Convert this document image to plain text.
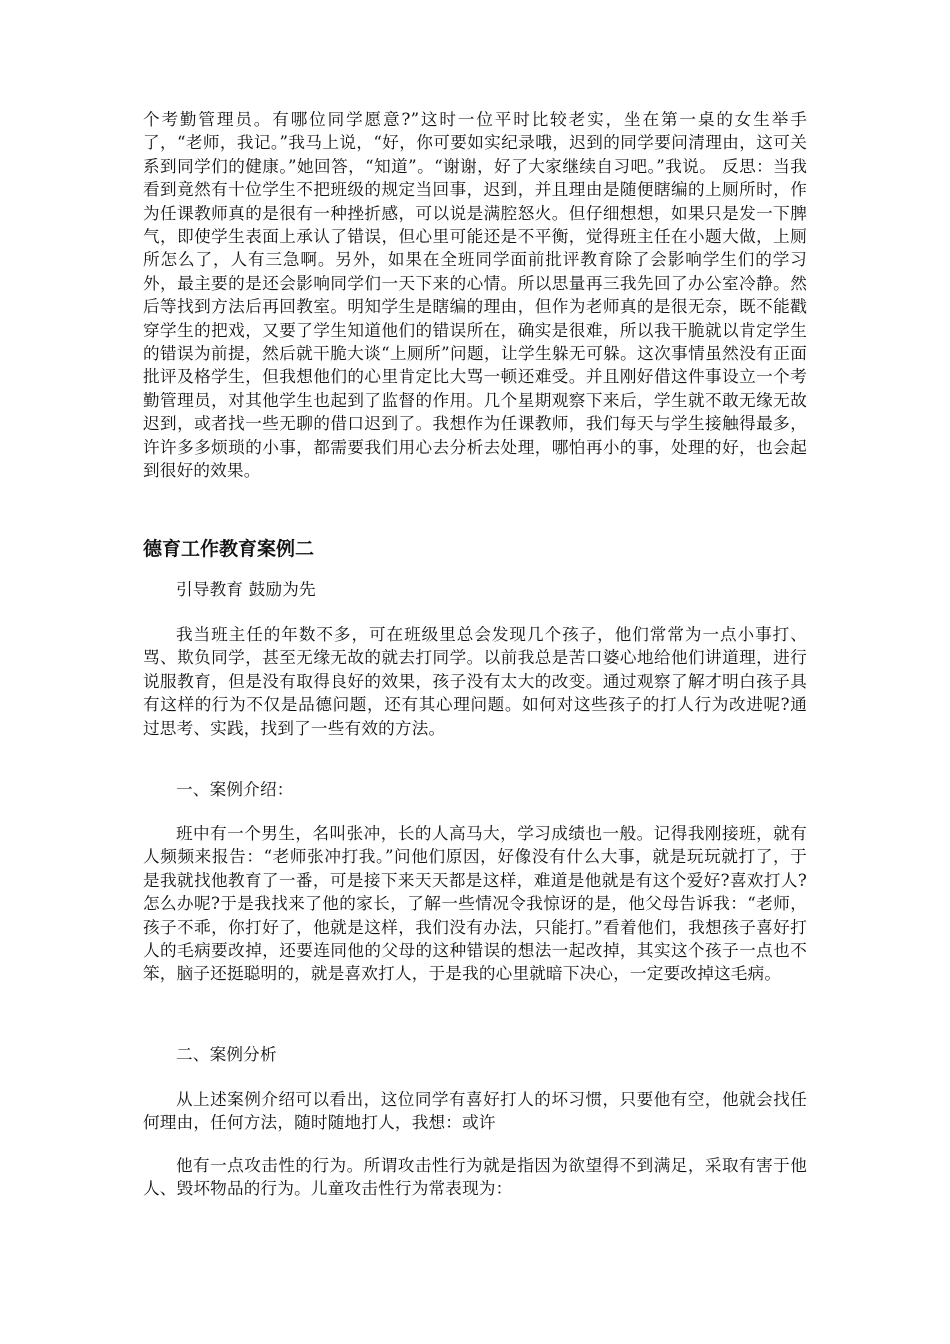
个考勤管理员。有哪位同学愿意?”这时一位平时比较老实，坐在第一桌的女生举手了，“老师，我记。”我马上说，“好，你可要如实纪录哦，迟到的同学要问清理由，这可关系到同学们的健康。”她回答，“知道”。“谢谢，好了大家继续自习吧。”我说。 反思：当我看到竟然有十位学生不把班级的规定当回事，迟到，并且理由是随便瞎编的上厕所时，作为任课教师真的是很有一种挫折感，可以说是满腔怒火。但仔细想想，如果只是发一下脾气，即使学生表面上承认了错误，但心里可能还是不平衡，觉得班主任在小题大做，上厕所怎么了，人有三急啊。另外，如果在全班同学面前批评教育除了会影响学生们的学习外，最主要的是还会影响同学们一天下来的心情。所以思量再三我先回了办公室冷静。然后等找到方法后再回教室。明知学生是瞎编的理由，但作为老师真的是很无奈，既不能戳穿学生的把戏，又要了学生知道他们的错误所在，确实是很难，所以我干脆就以肯定学生的错误为前提，然后就干脆大谈“上厕所”问题，让学生躲无可躲。这次事情虽然没有正面批评及格学生，但我想他们的心里肯定比大骂一顿还难受。并且刚好借这件事设立一个考勤管理员，对其他学生也起到了监督的作用。几个星期观察下来后，学生就不敢无缘无故迟到，或者找一些无聊的借口迟到了。我想作为任课教师，我们每天与学生接触得最多，许许多多烦琐的小事，都需要我们用心去分析去处理，哪怕再小的事，处理的好，也会起到很好的效果。

德育工作教育案例二

引导教育 鼓励为先

我当班主任的年数不多，可在班级里总会发现几个孩子，他们常常为一点小事打、骂、欺负同学，甚至无缘无故的就去打同学。以前我总是苦口婆心地给他们讲道理，进行说服教育，但是没有取得良好的效果，孩子没有太大的改变。通过观察了解才明白孩子具有这样的行为不仅是品德问题，还有其心理问题。如何对这些孩子的打人行为改进呢?通过思考、实践，找到了一些有效的方法。

一、案例介绍：

班中有一个男生，名叫张冲，长的人高马大，学习成绩也一般。记得我刚接班，就有人频频来报告：“老师张冲打我。”问他们原因，好像没有什么大事，就是玩玩就打了，于是我就找他教育了一番，可是接下来天天都是这样，难道是他就是有这个爱好?喜欢打人?怎么办呢?于是我找来了他的家长，了解一些情况令我惊讶的是，他父母告诉我：“老师，孩子不乖，你打好了，他就是这样，我们没有办法，只能打。”看着他们，我想孩子喜好打人的毛病要改掉，还要连同他的父母的这种错误的想法一起改掉，其实这个孩子一点也不笨，脑子还挺聪明的，就是喜欢打人，于是我的心里就暗下决心，一定要改掉这毛病。

二、案例分析

从上述案例介绍可以看出，这位同学有喜好打人的坏习惯，只要他有空，他就会找任何理由，任何方法，随时随地打人，我想：或许

他有一点攻击性的行为。所谓攻击性行为就是指因为欲望得不到满足，采取有害于他人、毁坏物品的行为。儿童攻击性行为常表现为：
